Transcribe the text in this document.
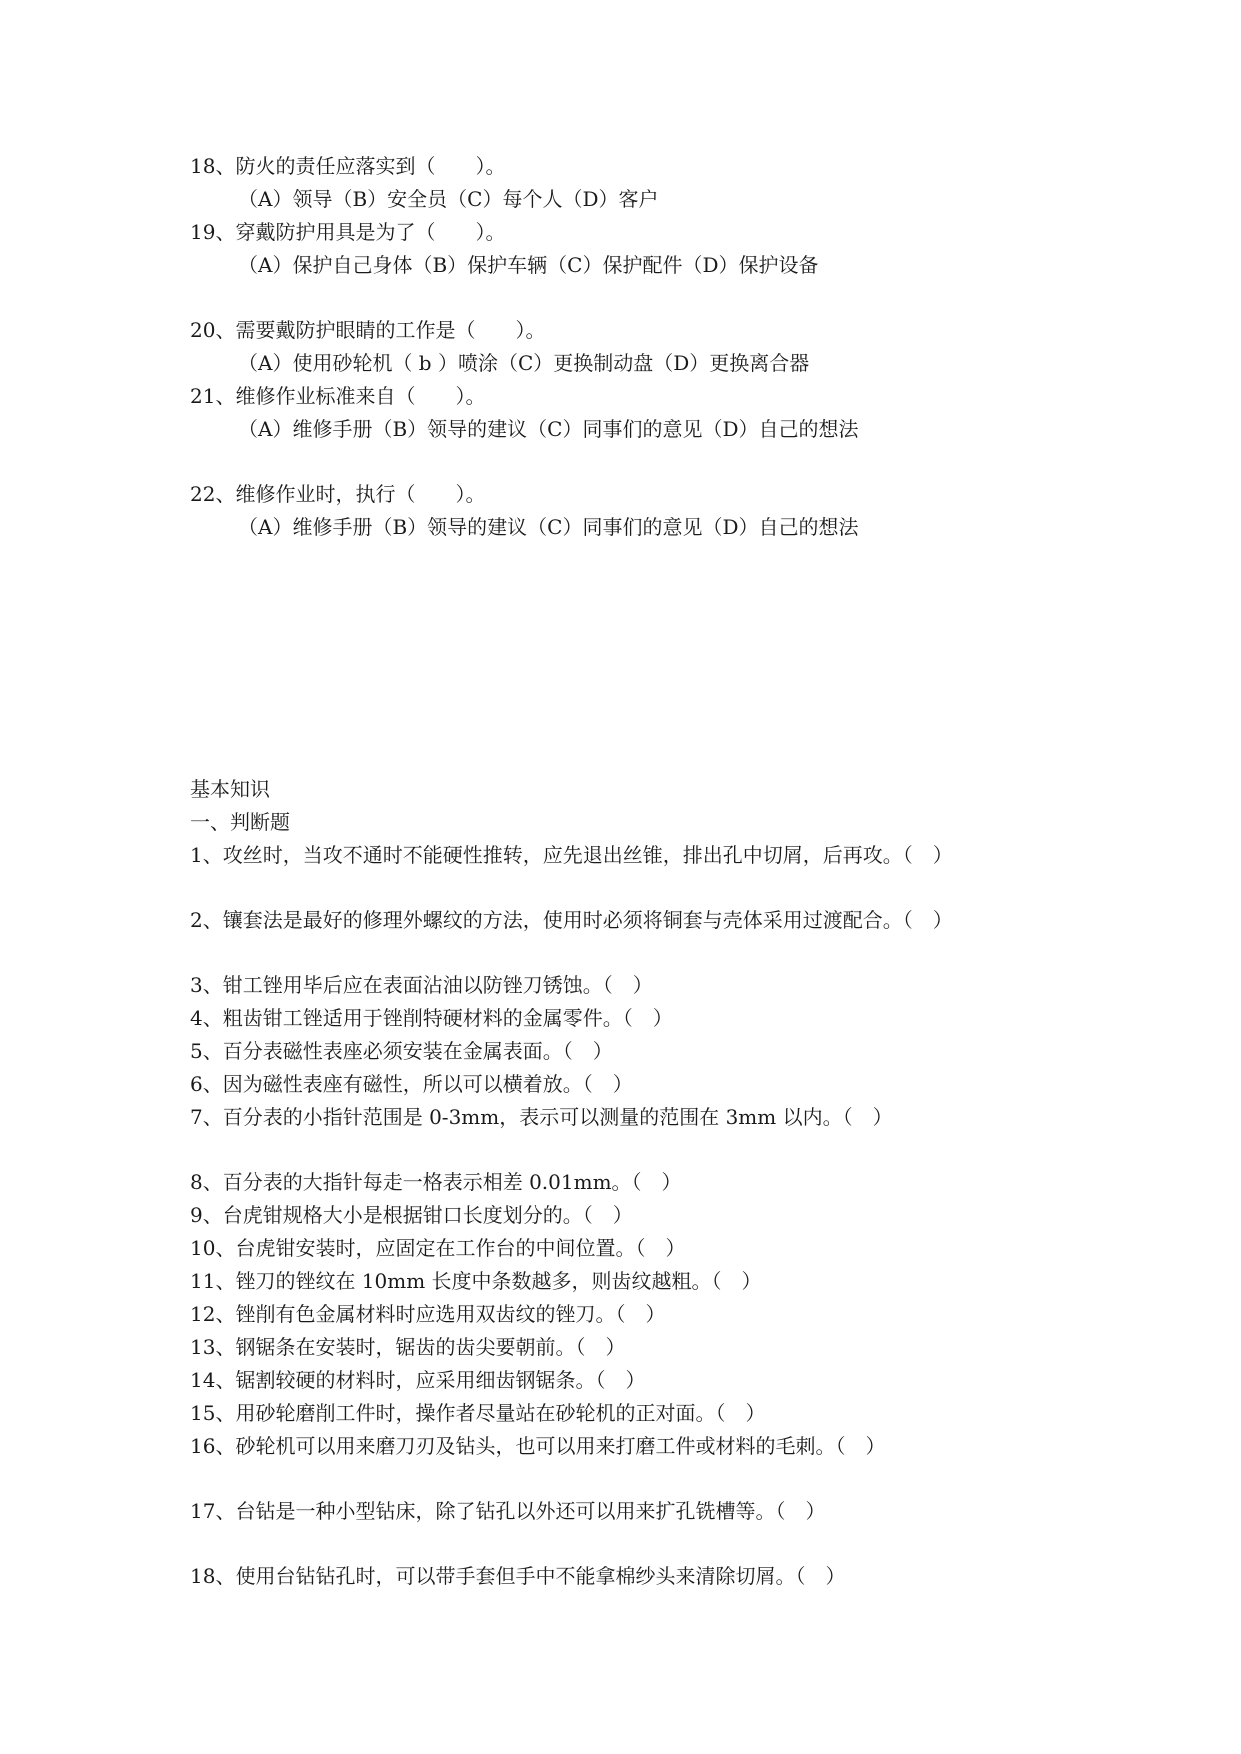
18、防火的责任应落实到（　　）。
（A）领导（B）安全员（C）每个人（D）客户
19、穿戴防护用具是为了（　　）。
（A）保护自己身体（B）保护车辆（C）保护配件（D）保护设备
20、需要戴防护眼睛的工作是（　　）。
（A）使用砂轮机（ b ）喷涂（C）更换制动盘（D）更换离合器
21、维修作业标准来自（　　）。
（A）维修手册（B）领导的建议（C）同事们的意见（D）自己的想法
22、维修作业时，执行（　　）。
（A）维修手册（B）领导的建议（C）同事们的意见（D）自己的想法
基本知识
一、判断题
1、攻丝时，当攻不通时不能硬性推转，应先退出丝锥，排出孔中切屑，后再攻。（　）
2、镶套法是最好的修理外螺纹的方法，使用时必须将铜套与壳体采用过渡配合。（　）
3、钳工锉用毕后应在表面沾油以防锉刀锈蚀。（　）
4、粗齿钳工锉适用于锉削特硬材料的金属零件。（　）
5、百分表磁性表座必须安装在金属表面。（　）
6、因为磁性表座有磁性，所以可以横着放。（　）
7、百分表的小指针范围是 0-3mm，表示可以测量的范围在 3mm 以内。（　）
8、百分表的大指针每走一格表示相差 0.01mm。（　）
9、台虎钳规格大小是根据钳口长度划分的。（　）
10、台虎钳安装时，应固定在工作台的中间位置。（　）
11、锉刀的锉纹在 10mm 长度中条数越多，则齿纹越粗。（　）
12、锉削有色金属材料时应选用双齿纹的锉刀。（　）
13、钢锯条在安装时，锯齿的齿尖要朝前。（　）
14、锯割较硬的材料时，应采用细齿钢锯条。（　）
15、用砂轮磨削工件时，操作者尽量站在砂轮机的正对面。（　）
16、砂轮机可以用来磨刀刃及钻头，也可以用来打磨工件或材料的毛刺。（　）
17、台钻是一种小型钻床，除了钻孔以外还可以用来扩孔铣槽等。（　）
18、使用台钻钻孔时，可以带手套但手中不能拿棉纱头来清除切屑。（　）
